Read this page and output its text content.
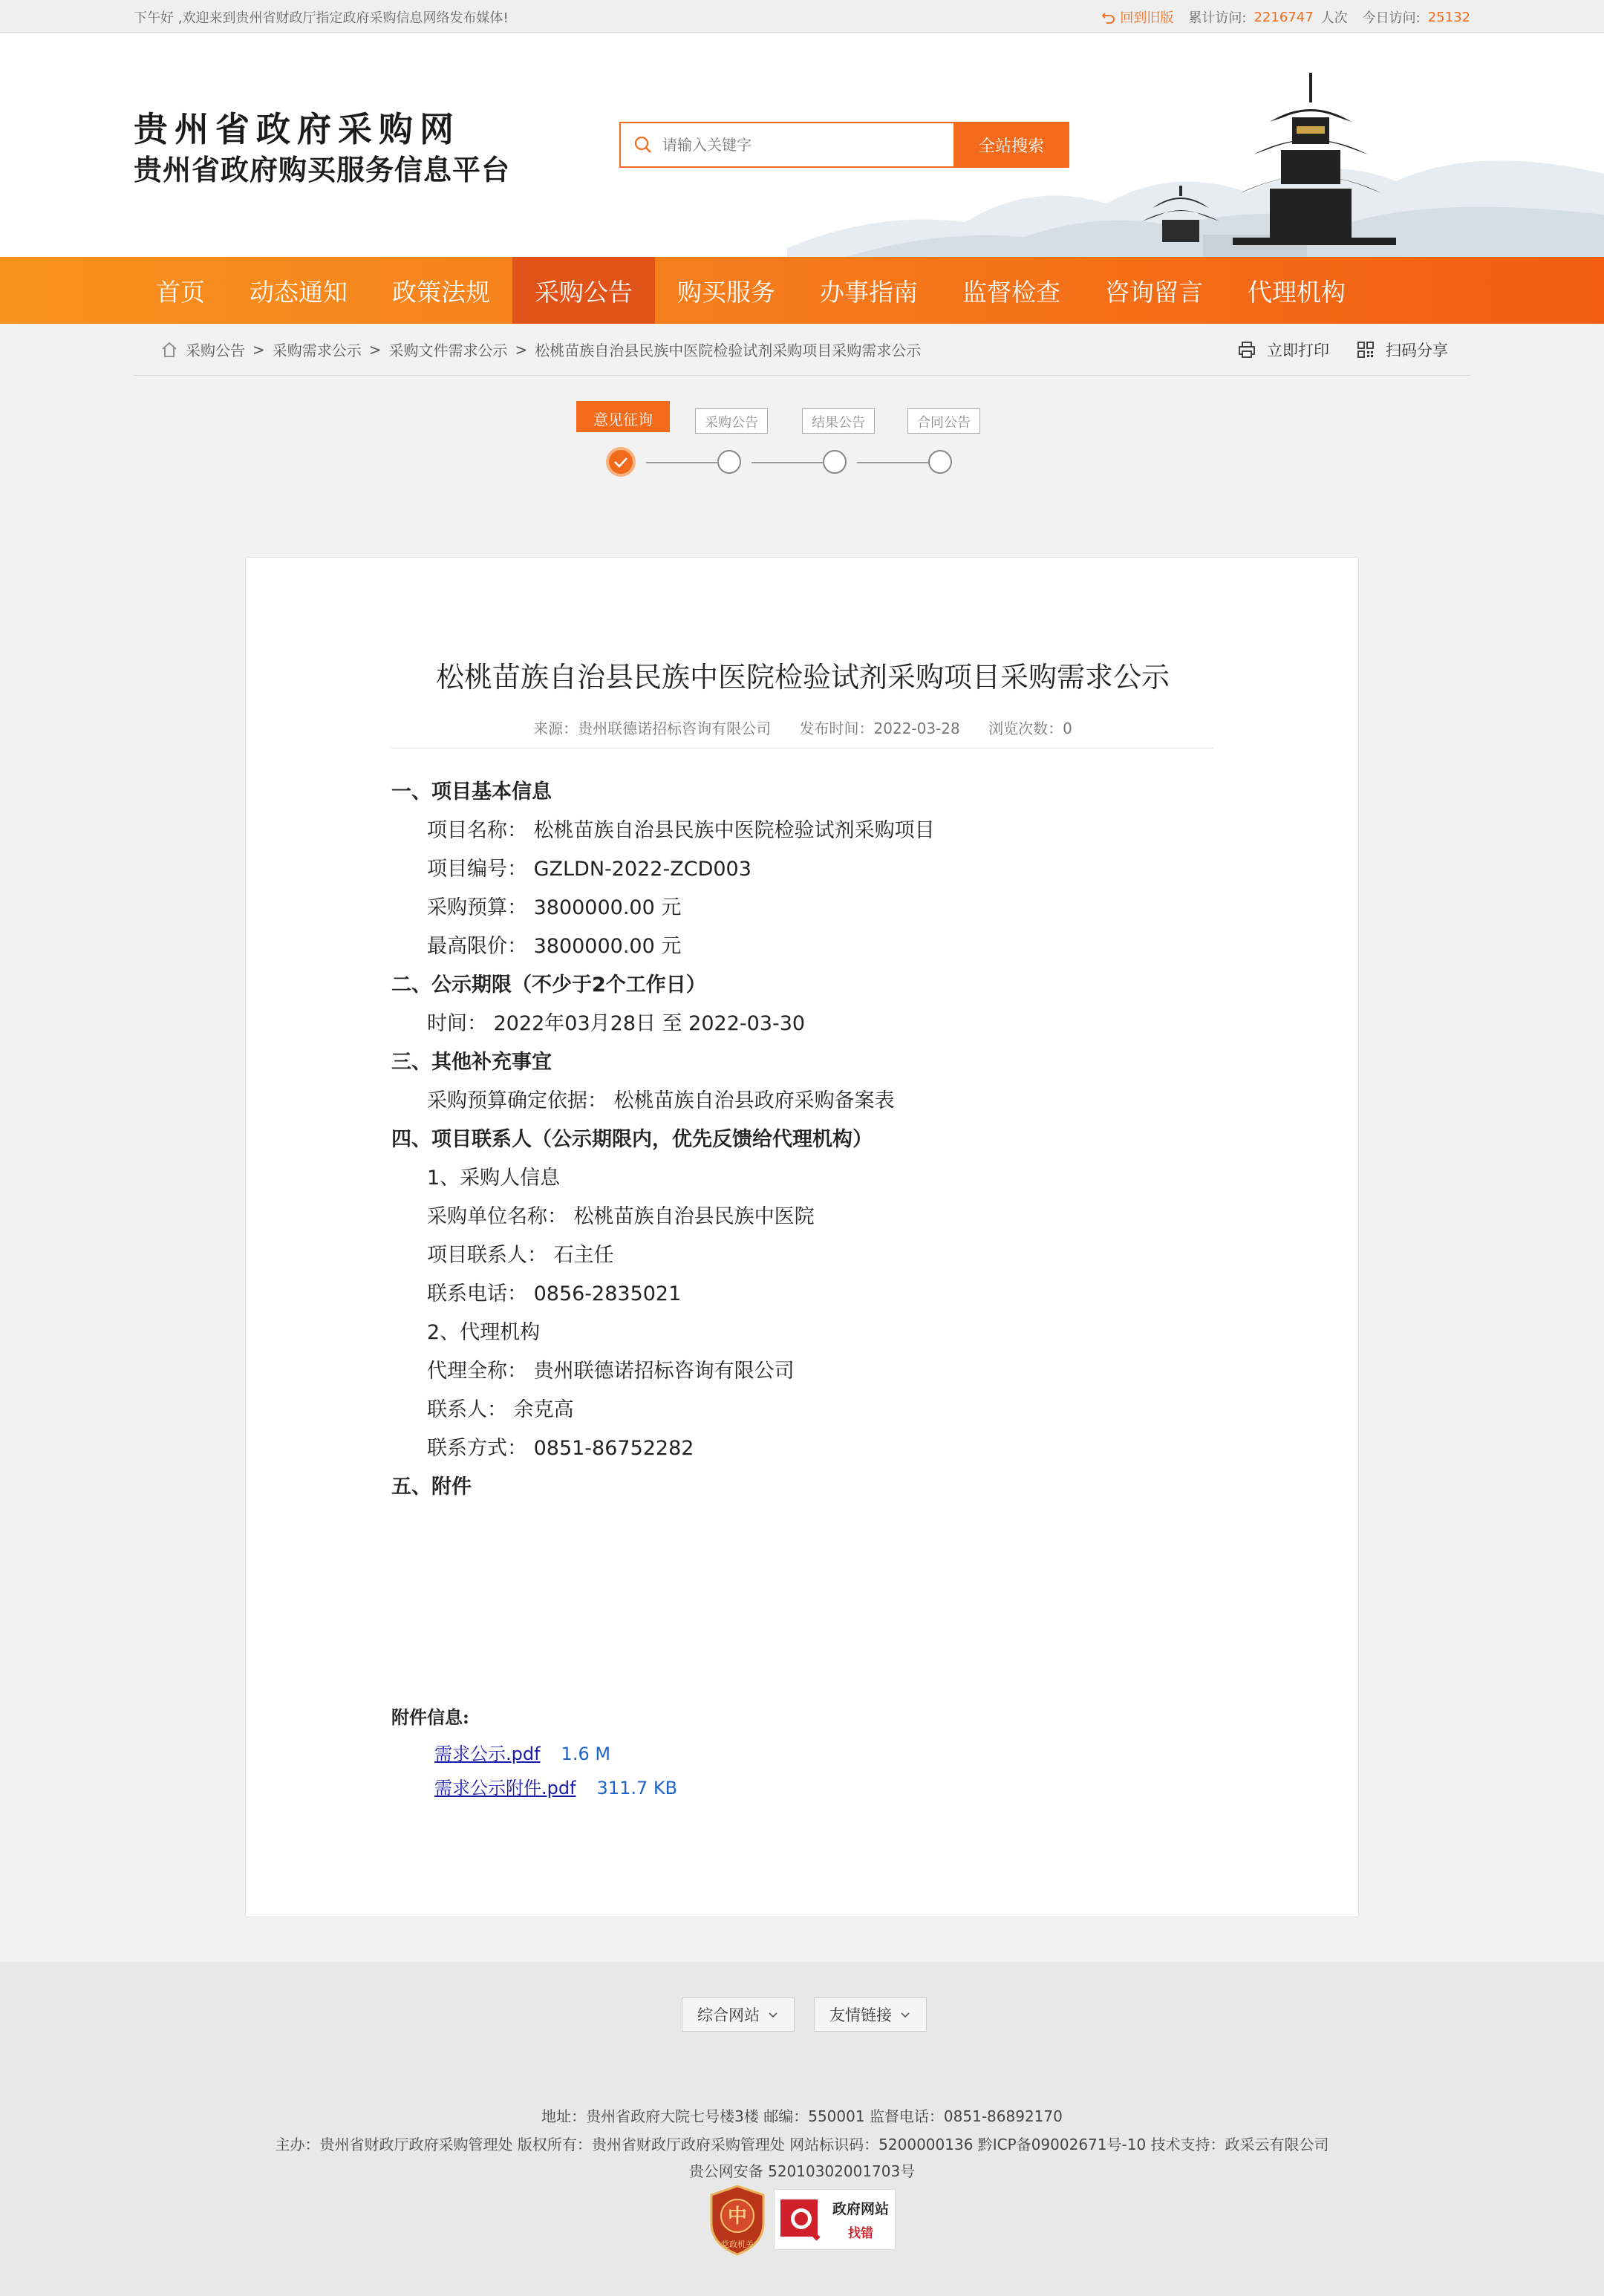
下午好 ,欢迎来到贵州省财政厅指定政府采购信息网络发布媒体!	回到旧版 累计访问: 2216747 人次 今日访问: 25132
贵州省政府采购网
贵州省政府购买服务信息平台
请输入关键字
全站搜索
首页	动态通知	政策法规	采购公告	购买服务	办事指南	监督检查	咨询留言	代理机构
采购公告 > 采购需求公示 > 采购文件需求公示 > 松桃苗族自治县民族中医院检验试剂采购项目采购需求公示	立即打印	扫码分享
意见征询	采购公告	结果公告	合同公告
松桃苗族自治县民族中医院检验试剂采购项目采购需求公示
来源：贵州联德诺招标咨询有限公司 发布时间：2022-03-28 浏览次数：0
一、项目基本信息
项目名称： 松桃苗族自治县民族中医院检验试剂采购项目
项目编号： GZLDN-2022-ZCD003
采购预算： 3800000.00 元
最高限价： 3800000.00 元
二、公示期限（不少于2个工作日）
时间： 2022年03月28日 至 2022-03-30
三、其他补充事宜
采购预算确定依据： 松桃苗族自治县政府采购备案表
四、项目联系人（公示期限内，优先反馈给代理机构）
1、采购人信息
采购单位名称： 松桃苗族自治县民族中医院
项目联系人： 石主任
联系电话： 0856-2835021
2、代理机构
代理全称： 贵州联德诺招标咨询有限公司
联系人： 余克高
联系方式： 0851-86752282
五、附件
附件信息:
需求公示.pdf 1.6 M
需求公示附件.pdf 311.7 KB
综合网站	友情链接
地址：贵州省政府大院七号楼3楼 邮编：550001 监督电话：0851-86892170
主办：贵州省财政厅政府采购管理处 版权所有：贵州省财政厅政府采购管理处 网站标识码：5200000136 黔ICP备09002671号-10 技术支持：政采云有限公司
贵公网安备 52010302001703号
中
党政机关
政府网站
找错
